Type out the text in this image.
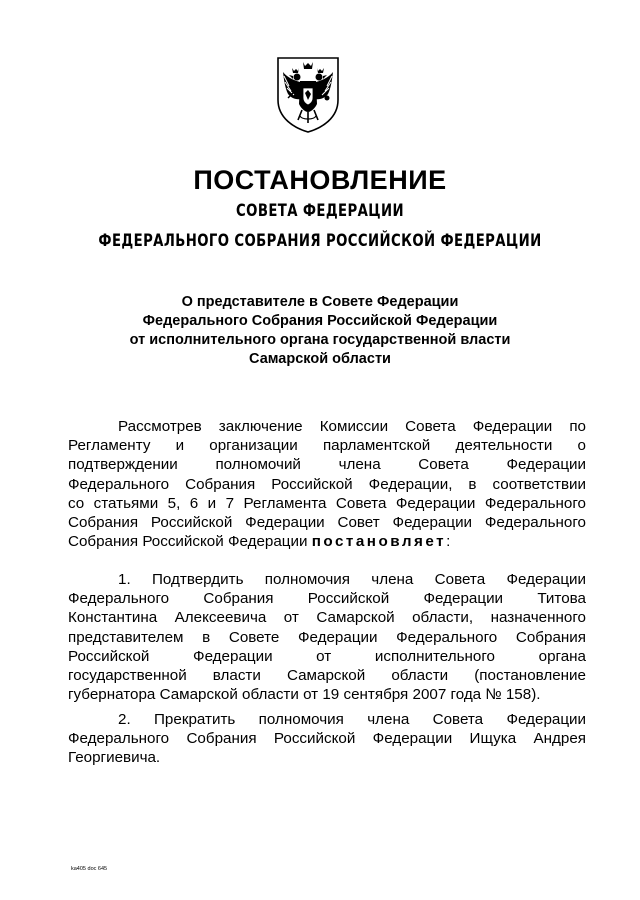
ПОСТАНОВЛЕНИЕ
СОВЕТА ФЕДЕРАЦИИ
ФЕДЕРАЛЬНОГО СОБРАНИЯ РОССИЙСКОЙ ФЕДЕРАЦИИ
О представителе в Совете Федерации
Федерального Собрания Российской Федерации
от исполнительного органа государственной власти
Самарской области
Рассмотрев заключение Комиссии Совета Федерации по
Регламенту и организации парламентской деятельности о
подтверждении полномочий члена Совета Федерации
Федерального Собрания Российской Федерации, в соответствии
со статьями 5, 6 и 7 Регламента Совета Федерации Федерального
Собрания Российской Федерации Совет Федерации Федерального
Собрания Российской Федерации постановляет:
1. Подтвердить полномочия члена Совета Федерации
Федерального Собрания Российской Федерации Титова
Константина Алексеевича от Самарской области, назначенного
представителем в Совете Федерации Федерального Собрания
Российской Федерации от исполнительного органа
государственной власти Самарской области (постановление
губернатора Самарской области от 19 сентября 2007 года № 158).
2. Прекратить полномочия члена Совета Федерации
Федерального Собрания Российской Федерации Ищука Андрея
Георгиевича.
ka405 doc 645
